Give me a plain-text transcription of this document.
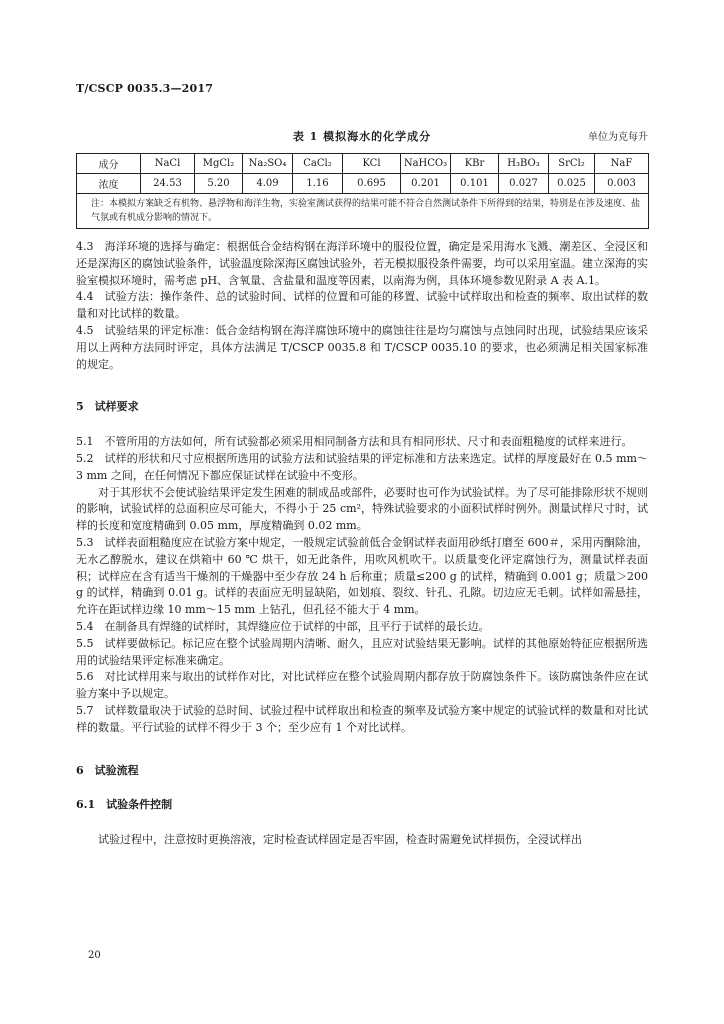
T/CSCP 0035.3—2017
表 1 模拟海水的化学成分	单位为克每升
成分	NaCl	MgCl₂	Na₂SO₄	CaCl₂	KCl	NaHCO₃	KBr	H₃BO₃	SrCl₂	NaF
浓度	24.53	5.20	4.09	1.16	0.695	0.201	0.101	0.027	0.025	0.003
注：本模拟方案缺乏有机物、悬浮物和海洋生物，实验室测试获得的结果可能不符合自然测试条件下所得到的结果，特别是在涉及速度、盐气氛或有机成分影响的情况下。										

4.3　海洋环境的选择与确定：根据低合金结构钢在海洋环境中的服役位置，确定是采用海水飞溅、潮差区、全浸区和还是深海区的腐蚀试验条件，试验温度除深海区腐蚀试验外，若无模拟服役条件需要，均可以采用室温。建立深海的实验室模拟环境时，需考虑 pH、含氧量、含盐量和温度等因素，以南海为例，具体环境参数见附录 A 表 A.1。

4.4　试验方法：操作条件、总的试验时间、试样的位置和可能的移置、试验中试样取出和检查的频率、取出试样的数量和对比试样的数量。

4.5　试验结果的评定标准：低合金结构钢在海洋腐蚀环境中的腐蚀往往是均匀腐蚀与点蚀同时出现，试验结果应该采用以上两种方法同时评定，具体方法满足 T/CSCP 0035.8 和 T/CSCP 0035.10 的要求，也必须满足相关国家标准的规定。

5　试样要求

5.1　不管所用的方法如何，所有试验都必须采用相同制备方法和具有相同形状、尺寸和表面粗糙度的试样来进行。

5.2　试样的形状和尺寸应根据所选用的试验方法和试验结果的评定标准和方法来选定。试样的厚度最好在 0.5 mm～3 mm 之间，在任何情况下都应保证试样在试验中不变形。

对于其形状不会使试验结果评定发生困难的制成品或部件，必要时也可作为试验试样。为了尽可能排除形状不规则的影响，试验试样的总面积应尽可能大，不得小于 25 cm²，特殊试验要求的小面积试样时例外。测量试样尺寸时，试样的长度和宽度精确到 0.05 mm，厚度精确到 0.02 mm。

5.3　试样表面粗糙度应在试验方案中规定，一般规定试验前低合金钢试样表面用砂纸打磨至 600＃，采用丙酮除油，无水乙醇脱水，建议在烘箱中 60 ℃ 烘干，如无此条件，用吹风机吹干。以质量变化评定腐蚀行为，测量试样表面积；试样应在含有适当干燥剂的干燥器中至少存放 24 h 后称重；质量≤200 g 的试样，精确到 0.001 g；质量＞200 g 的试样，精确到 0.01 g。试样的表面应无明显缺陷，如划痕、裂纹、针孔、孔隙。切边应无毛刺。试样如需悬挂，允许在距试样边缘 10 mm～15 mm 上钻孔，但孔径不能大于 4 mm。

5.4　在制备具有焊缝的试样时，其焊缝应位于试样的中部，且平行于试样的最长边。

5.5　试样要做标记。标记应在整个试验周期内清晰、耐久，且应对试验结果无影响。试样的其他原始特征应根据所选用的试验结果评定标准来确定。

5.6　对比试样用来与取出的试样作对比，对比试样应在整个试验周期内都存放于防腐蚀条件下。该防腐蚀条件应在试验方案中予以规定。

5.7　试样数量取决于试验的总时间、试验过程中试样取出和检查的频率及试验方案中规定的试验试样的数量和对比试样的数量。平行试验的试样不得少于 3 个；至少应有 1 个对比试样。

6　试验流程
6.1　试验条件控制

试验过程中，注意按时更换溶液，定时检查试样固定是否牢固，检查时需避免试样损伤，全浸试样出

20
